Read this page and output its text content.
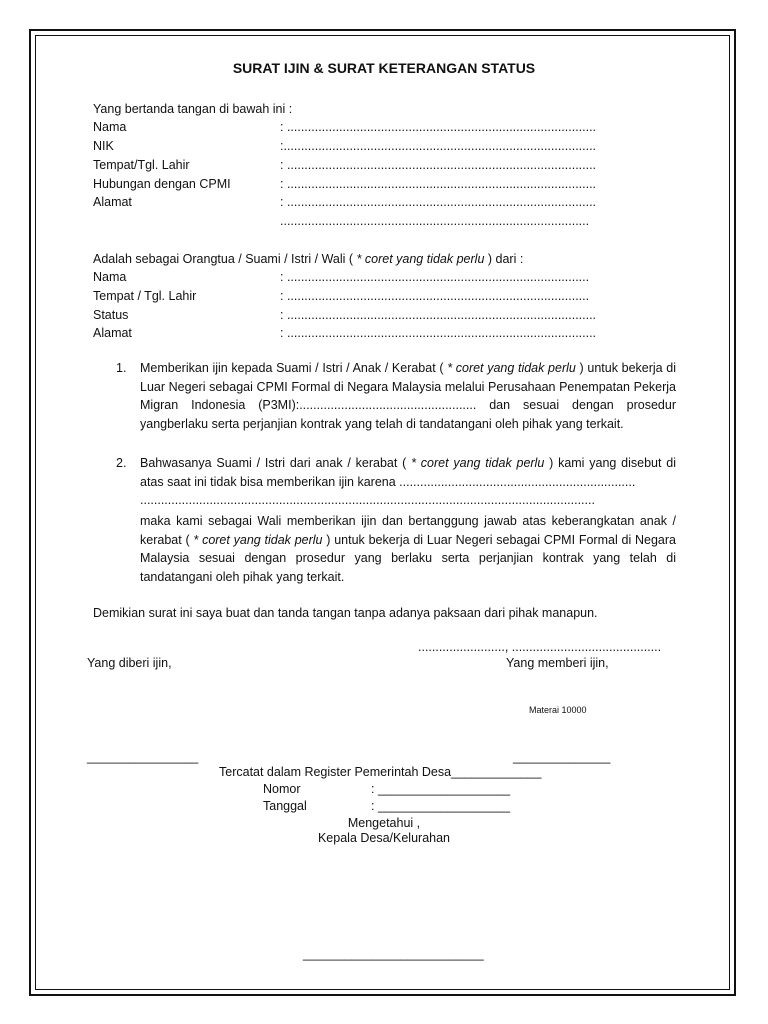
SURAT IJIN & SURAT KETERANGAN STATUS
Yang bertanda tangan di bawah ini :
Nama	: .........................................................................................
NIK	:..........................................................................................
Tempat/Tgl. Lahir	: .........................................................................................
Hubungan dengan CPMI	: .........................................................................................
Alamat	: .........................................................................................
.........................................................................................
Adalah sebagai Orangtua / Suami / Istri / Wali ( * coret yang tidak perlu ) dari :
Nama	: .......................................................................................
Tempat / Tgl. Lahir	: .......................................................................................
Status	: .........................................................................................
Alamat	: .........................................................................................
1. Memberikan ijin kepada Suami / Istri / Anak / Kerabat ( * coret yang tidak perlu ) untuk bekerja di Luar Negeri sebagai CPMI Formal di Negara Malaysia melalui Perusahaan Penempatan Pekerja Migran Indonesia (P3MI):................................................... dan sesuai dengan prosedur yangberlaku serta perjanjian kontrak yang telah di tandatangani oleh pihak yang terkait.
2. Bahwasanya Suami / Istri dari anak / kerabat ( * coret yang tidak perlu ) kami yang disebut di atas saat ini tidak bisa memberikan ijin karena ....................................................................
...................................................................................................................................
maka kami sebagai Wali memberikan ijin dan bertanggung jawab atas keberangkatan anak / kerabat ( * coret yang tidak perlu ) untuk bekerja di Luar Negeri sebagai CPMI Formal di Negara Malaysia sesuai dengan prosedur yang berlaku serta perjanjian kontrak yang telah di tandatangani oleh pihak yang terkait.
Demikian surat ini saya buat dan tanda tangan tanpa adanya paksaan dari pihak manapun.
........................., ...........................................
Yang diberi ijin,	Yang memberi ijin,
Materai 10000
________________	______________
Tercatat dalam Register Pemerintah Desa_____________
Nomor	: ___________________
Tanggal	: ___________________
Mengetahui ,
Kepala Desa/Kelurahan
__________________________
